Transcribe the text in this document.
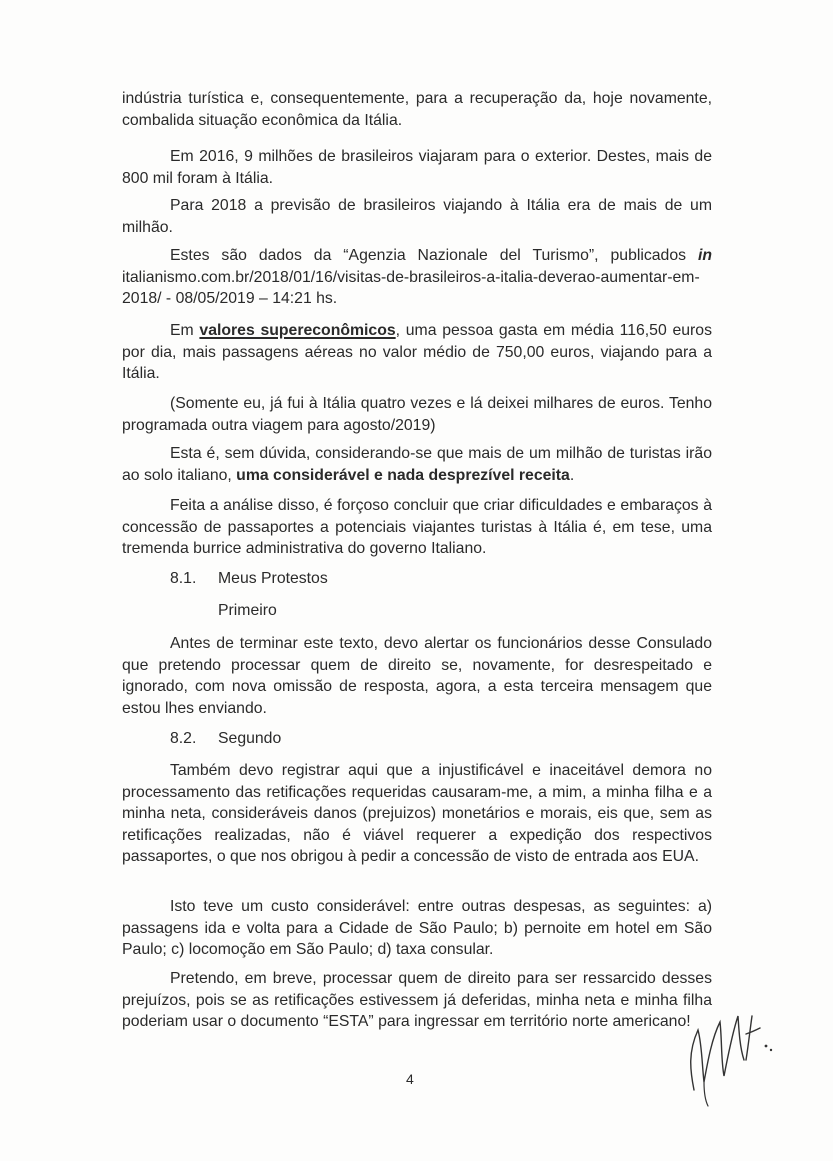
indústria turística e, consequentemente, para a recuperação da, hoje novamente, combalida situação econômica da Itália.

Em 2016, 9 milhões de brasileiros viajaram para o exterior. Destes, mais de 800 mil foram à Itália.

Para 2018 a previsão de brasileiros viajando à Itália era de mais de um milhão.

Estes são dados da “Agenzia Nazionale del Turismo”, publicados in italianismo.com.br/2018/01/16/visitas-de-brasileiros-a-italia-deverao-aumentar-em-2018/ - 08/05/2019 – 14:21 hs.

Em valores supereconômicos, uma pessoa gasta em média 116,50 euros por dia, mais passagens aéreas no valor médio de 750,00 euros, viajando para a Itália.

(Somente eu, já fui à Itália quatro vezes e lá deixei milhares de euros. Tenho programada outra viagem para agosto/2019)

Esta é, sem dúvida, considerando-se que mais de um milhão de turistas irão ao solo italiano, uma considerável e nada desprezível receita.

Feita a análise disso, é forçoso concluir que criar dificuldades e embaraços à concessão de passaportes a potenciais viajantes turistas à Itália é, em tese, uma tremenda burrice administrativa do governo Italiano.

8.1. Meus Protestos
Primeiro

Antes de terminar este texto, devo alertar os funcionários desse Consulado que pretendo processar quem de direito se, novamente, for desrespeitado e ignorado, com nova omissão de resposta, agora, a esta terceira mensagem que estou lhes enviando.

8.2. Segundo

Também devo registrar aqui que a injustificável e inaceitável demora no processamento das retificações requeridas causaram-me, a mim, a minha filha e a minha neta, consideráveis danos (prejuizos) monetários e morais, eis que, sem as retificações realizadas, não é viável requerer a expedição dos respectivos passaportes, o que nos obrigou à pedir a concessão de visto de entrada aos EUA.

Isto teve um custo considerável: entre outras despesas, as seguintes: a) passagens ida e volta para a Cidade de São Paulo; b) pernoite em hotel em São Paulo; c) locomoção em São Paulo; d) taxa consular.

Pretendo, em breve, processar quem de direito para ser ressarcido desses prejuízos, pois se as retificações estivessem já deferidas, minha neta e minha filha poderiam usar o documento “ESTA” para ingressar em território norte americano!

4
